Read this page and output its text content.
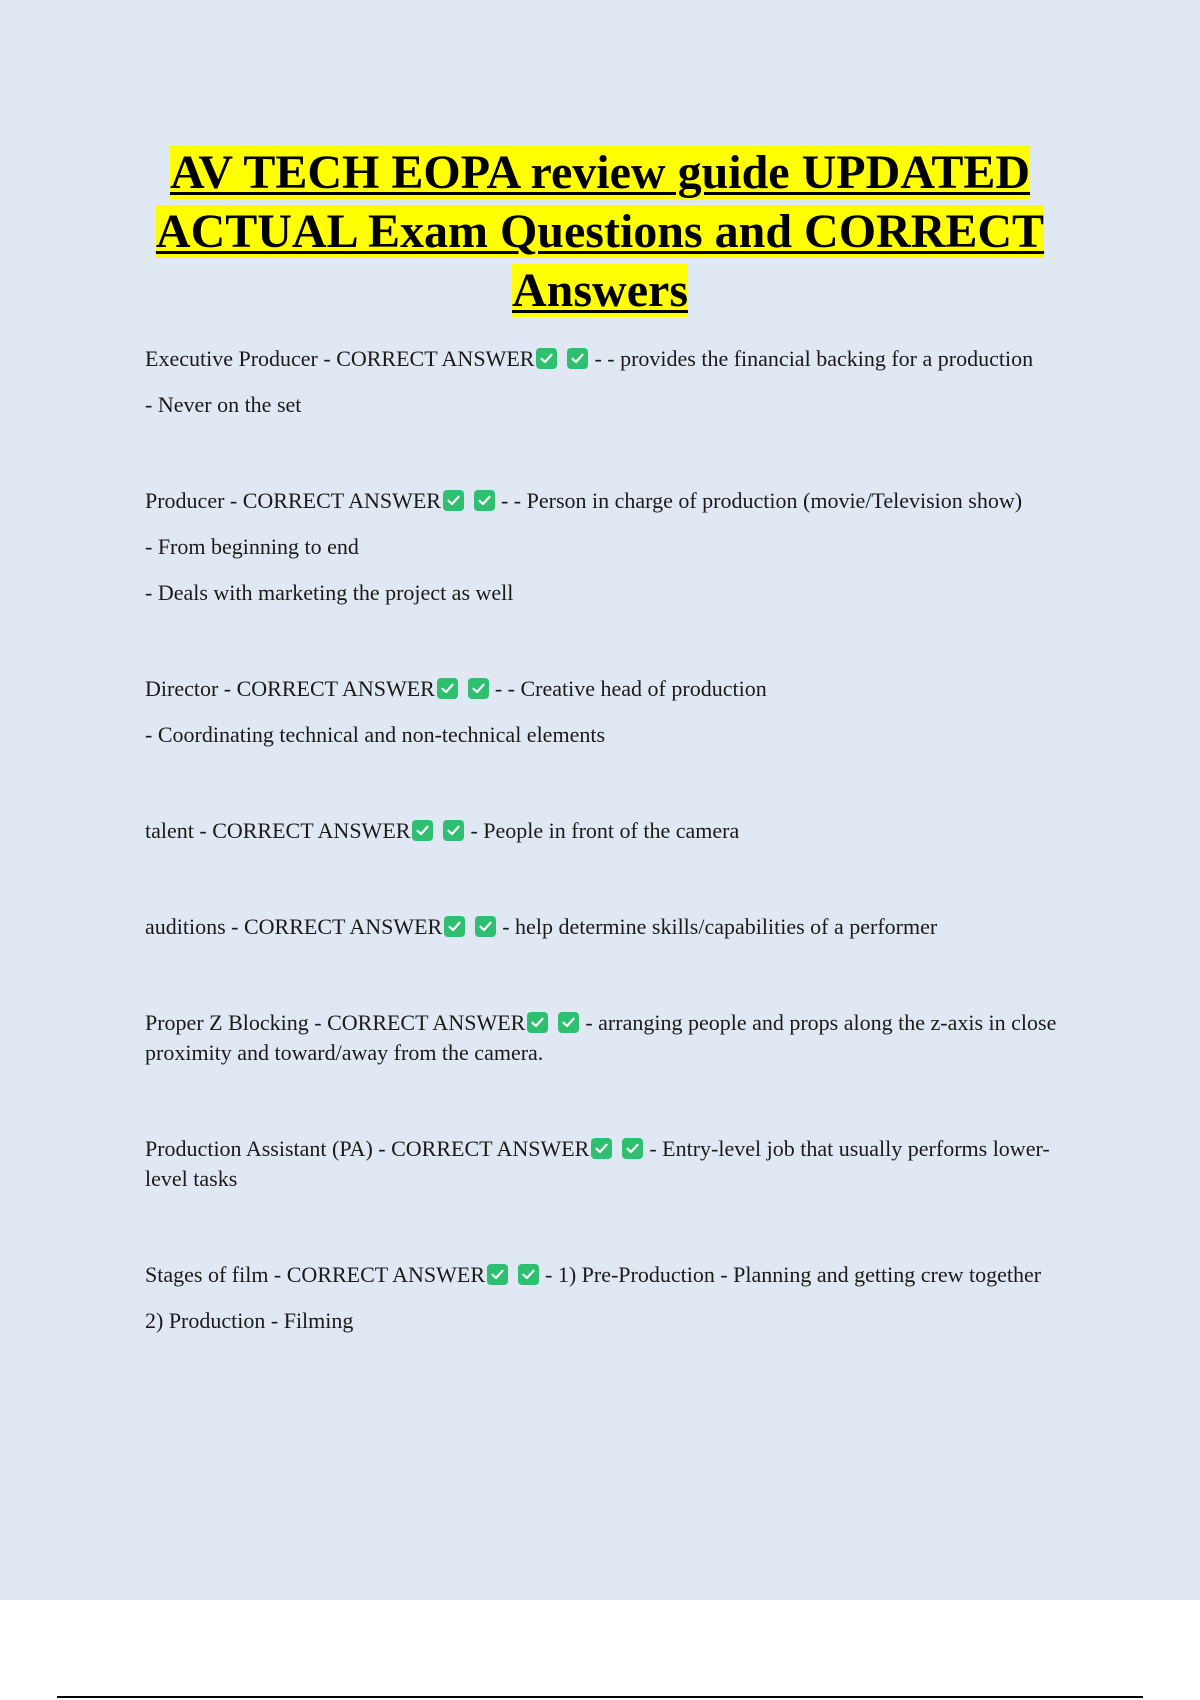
AV TECH EOPA review guide UPDATED ACTUAL Exam Questions and CORRECT Answers

Executive Producer - CORRECT ANSWER	- - provides the financial backing for a production

- Never on the set

Producer - CORRECT ANSWER	- - Person in charge of production (movie/Television show)

- From beginning to end

- Deals with marketing the project as well

Director - CORRECT ANSWER	- - Creative head of production

- Coordinating technical and non-technical elements

talent - CORRECT ANSWER	- People in front of the camera

auditions - CORRECT ANSWER	- help determine skills/capabilities of a performer

Proper Z Blocking - CORRECT ANSWER	- arranging people and props along the z-axis in close proximity and toward/away from the camera.

Production Assistant (PA) - CORRECT ANSWER	- Entry-level job that usually performs lower-level tasks

Stages of film - CORRECT ANSWER	- 1) Pre-Production - Planning and getting crew together

2) Production - Filming
